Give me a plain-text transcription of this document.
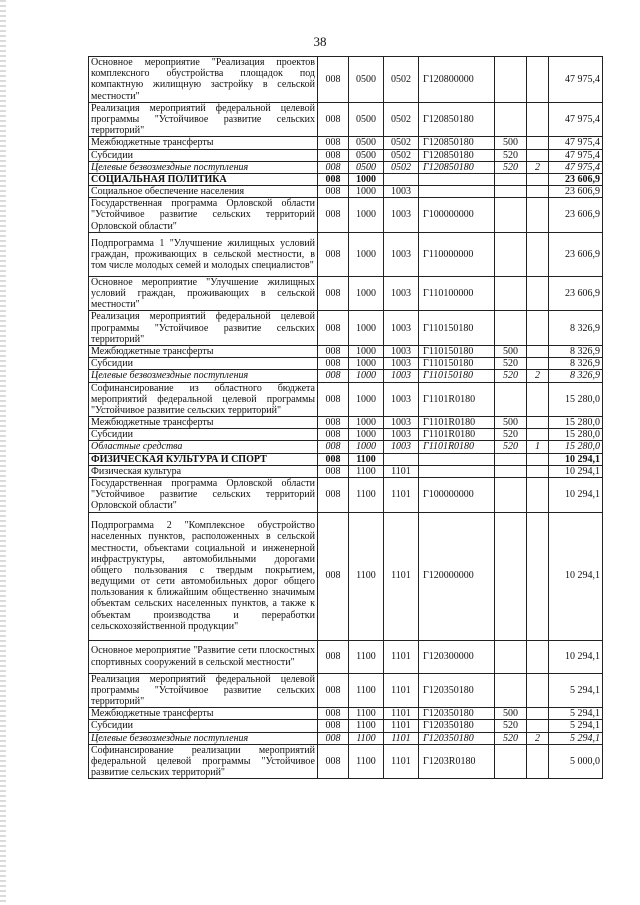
38
Основное мероприятие "Реализация проектов комплексного обустройства площадок под компактную жилищную застройку в сельской местности"	008	0500	0502	Г120800000			47 975,4
Реализация мероприятий федеральной целевой программы "Устойчивое развитие сельских территорий"	008	0500	0502	Г120850180			47 975,4
Межбюджетные трансферты	008	0500	0502	Г120850180	500		47 975,4
Субсидии	008	0500	0502	Г120850180	520		47 975,4
Целевые безвозмездные поступления	008	0500	0502	Г120850180	520	2	47 975,4
СОЦИАЛЬНАЯ ПОЛИТИКА	008	1000					23 606,9
Социальное обеспечение населения	008	1000	1003				23 606,9
Государственная программа Орловской области "Устойчивое развитие сельских территорий Орловской области"	008	1000	1003	Г100000000			23 606,9
Подпрограмма 1 "Улучшение жилищных условий граждан, проживающих в сельской местности, в том числе молодых семей и молодых специалистов"	008	1000	1003	Г110000000			23 606,9
Основное мероприятие "Улучшение жилищных условий граждан, проживающих в сельской местности"	008	1000	1003	Г110100000			23 606,9
Реализация мероприятий федеральной целевой программы "Устойчивое развитие сельских территорий"	008	1000	1003	Г110150180			8 326,9
Межбюджетные трансферты	008	1000	1003	Г110150180	500		8 326,9
Субсидии	008	1000	1003	Г110150180	520		8 326,9
Целевые безвозмездные поступления	008	1000	1003	Г110150180	520	2	8 326,9
Софинансирование из областного бюджета мероприятий федеральной целевой программы "Устойчивое развитие сельских территорий"	008	1000	1003	Г1101R0180			15 280,0
Межбюджетные трансферты	008	1000	1003	Г1101R0180	500		15 280,0
Субсидии	008	1000	1003	Г1101R0180	520		15 280,0
Областные средства	008	1000	1003	Г1101R0180	520	1	15 280,0
ФИЗИЧЕСКАЯ КУЛЬТУРА И СПОРТ	008	1100					10 294,1
Физическая культура	008	1100	1101				10 294,1
Государственная программа Орловской области "Устойчивое развитие сельских территорий Орловской области"	008	1100	1101	Г100000000			10 294,1
Подпрограмма 2 "Комплексное обустройство населенных пунктов, расположенных в сельской местности, объектами социальной и инженерной инфраструктуры, автомобильными дорогами общего пользования с твердым покрытием, ведущими от сети автомобильных дорог общего пользования к ближайшим общественно значимым объектам сельских населенных пунктов, а также к объектам производства и переработки сельскохозяйственной продукции"	008	1100	1101	Г120000000			10 294,1
Основное мероприятие "Развитие сети плоскостных спортивных сооружений в сельской местности"	008	1100	1101	Г120300000			10 294,1
Реализация мероприятий федеральной целевой программы "Устойчивое развитие сельских территорий"	008	1100	1101	Г120350180			5 294,1
Межбюджетные трансферты	008	1100	1101	Г120350180	500		5 294,1
Субсидии	008	1100	1101	Г120350180	520		5 294,1
Целевые безвозмездные поступления	008	1100	1101	Г120350180	520	2	5 294,1
Софинансирование реализации мероприятий федеральной целевой программы "Устойчивое развитие сельских территорий"	008	1100	1101	Г1203R0180			5 000,0
